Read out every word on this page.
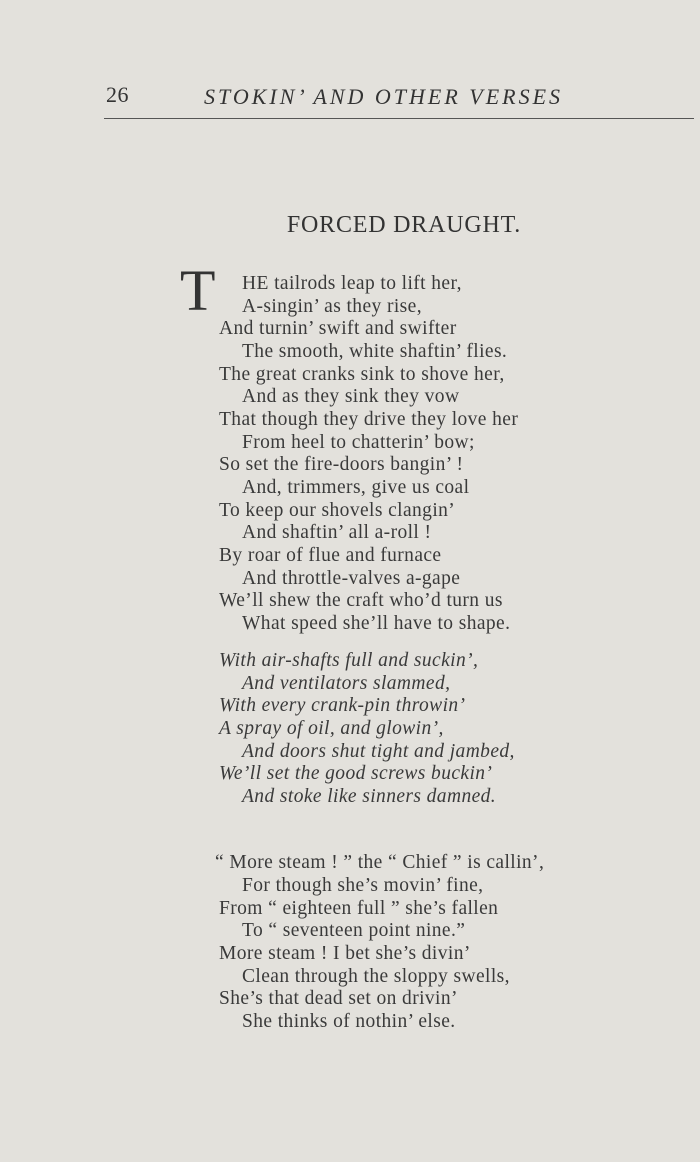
26	STOKIN’ AND OTHER VERSES
FORCED DRAUGHT.
T HE tailrods leap to lift her,
A-singin’ as they rise,
And turnin’ swift and swifter
The smooth, white shaftin’ flies.
The great cranks sink to shove her,
And as they sink they vow
That though they drive they love her
From heel to chatterin’ bow;
So set the fire-doors bangin’ !
And, trimmers, give us coal
To keep our shovels clangin’
And shaftin’ all a-roll !
By roar of flue and furnace
And throttle-valves a-gape
We’ll shew the craft who’d turn us
What speed she’ll have to shape.
With air-shafts full and suckin’,
And ventilators slammed,
With every crank-pin throwin’
A spray of oil, and glowin’,
And doors shut tight and jambed,
We’ll set the good screws buckin’
And stoke like sinners damned.
“ More steam ! ” the “ Chief ” is callin’,
For though she’s movin’ fine,
From “ eighteen full ” she’s fallen
To “ seventeen point nine.”
More steam ! I bet she’s divin’
Clean through the sloppy swells,
She’s that dead set on drivin’
She thinks of nothin’ else.
